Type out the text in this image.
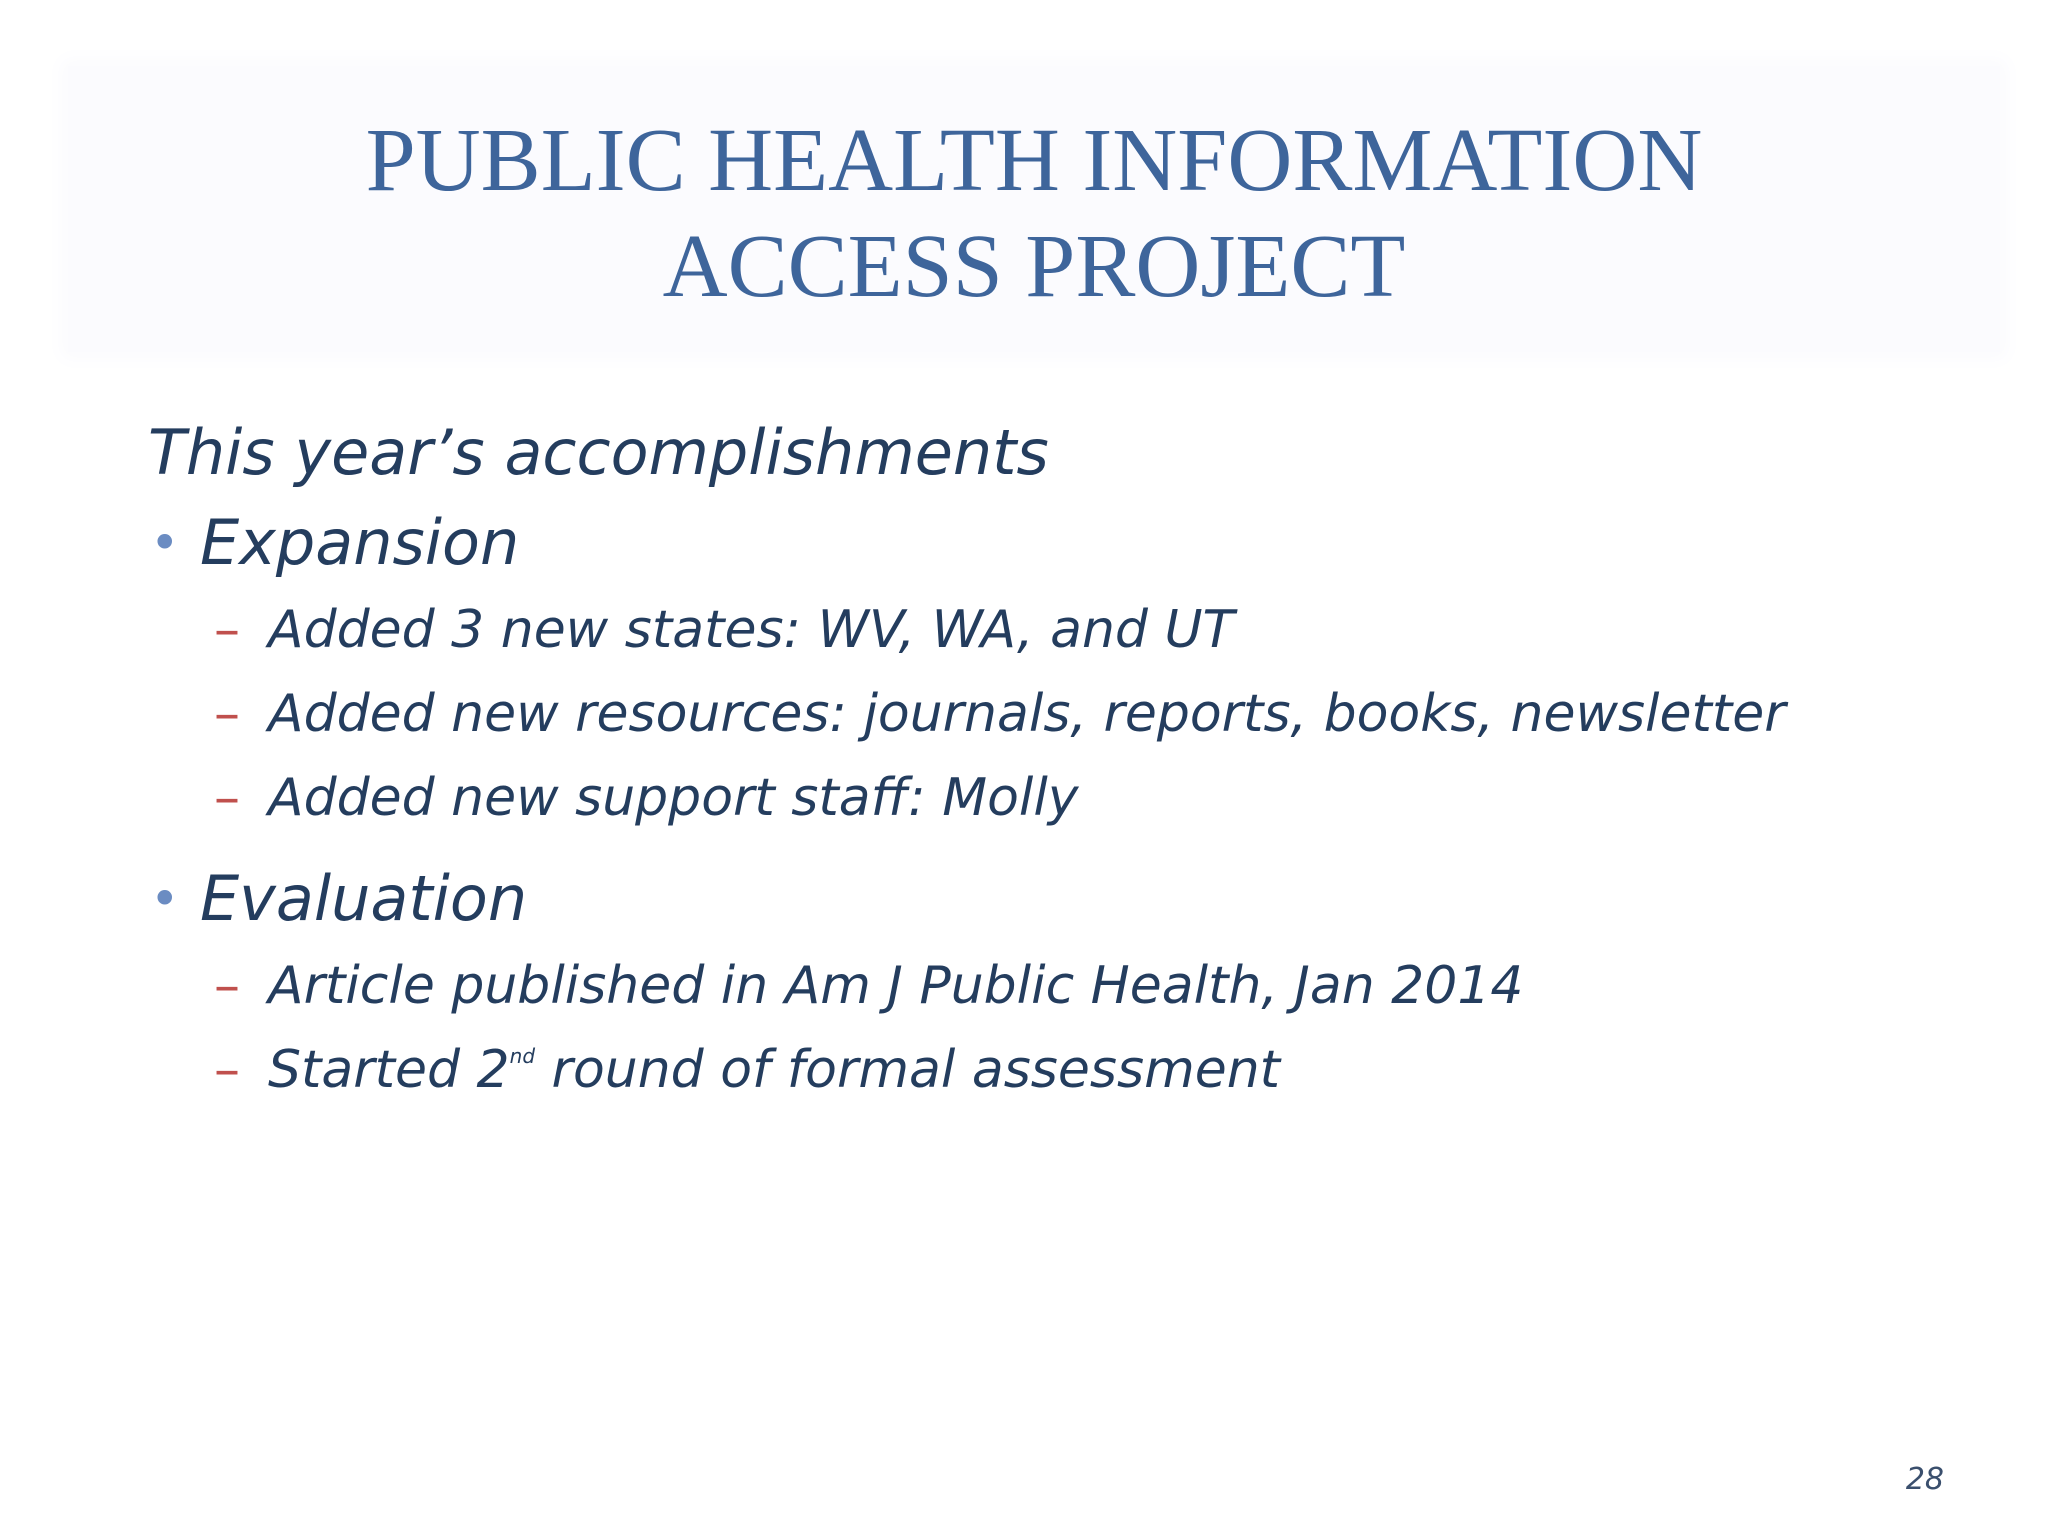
PUBLIC HEALTH INFORMATION
ACCESS PROJECT

This year’s accomplishments

• Expansion

– Added 3 new states: WV, WA, and UT
– Added new resources: journals, reports, books, newsletter
– Added new support staff: Molly

• Evaluation

– Article published in Am J Public Health, Jan 2014
– Started 2nd round of formal assessment
28
